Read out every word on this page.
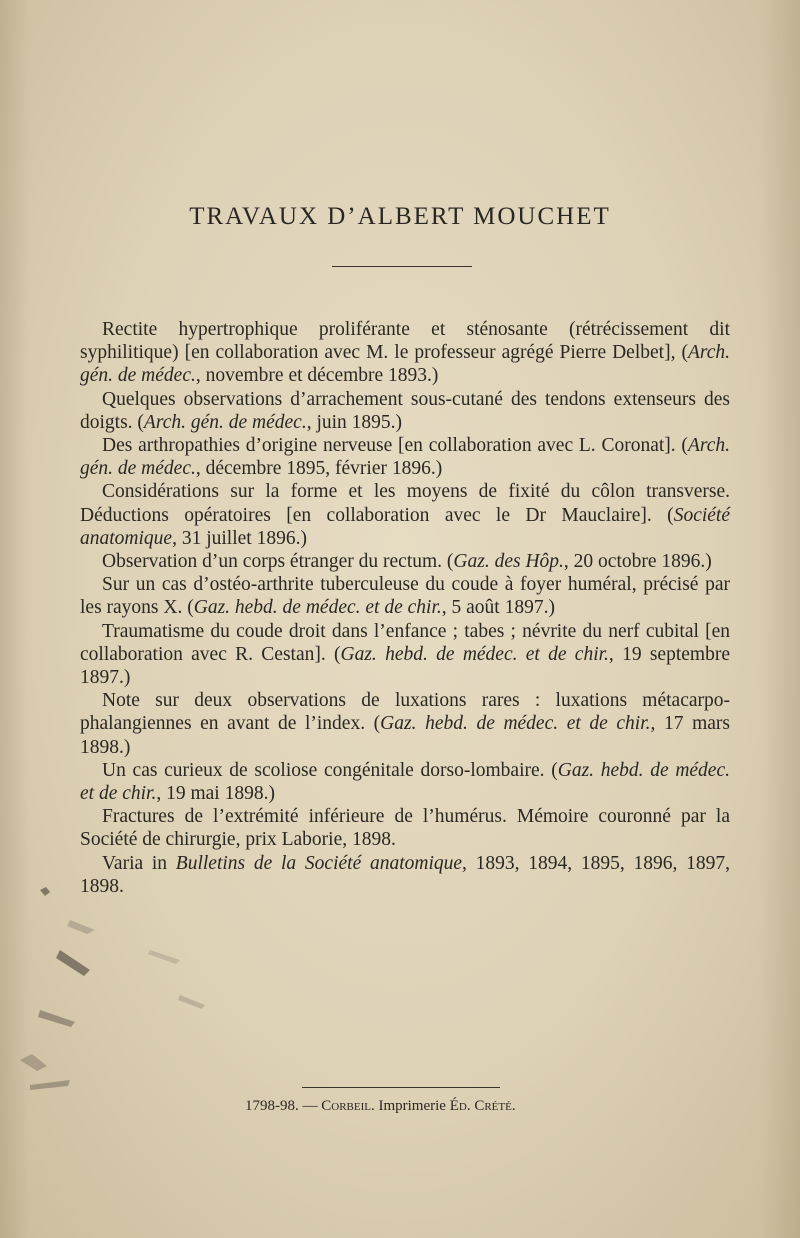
TRAVAUX D’ALBERT MOUCHET

Rectite hypertrophique proliférante et sténosante (rétrécissement dit syphilitique) [en collaboration avec M. le professeur agrégé Pierre Delbet], (Arch. gén. de médec., novembre et décembre 1893.)

Quelques observations d’arrachement sous-cutané des tendons extenseurs des doigts. (Arch. gén. de médec., juin 1895.)

Des arthropathies d’origine nerveuse [en collaboration avec L. Coronat]. (Arch. gén. de médec., décembre 1895, février 1896.)

Considérations sur la forme et les moyens de fixité du côlon transverse. Déductions opératoires [en collaboration avec le Dr Mauclaire]. (Société anatomique, 31 juillet 1896.)

Observation d’un corps étranger du rectum. (Gaz. des Hôp., 20 octobre 1896.)

Sur un cas d’ostéo-arthrite tuberculeuse du coude à foyer huméral, précisé par les rayons X. (Gaz. hebd. de médec. et de chir., 5 août 1897.)

Traumatisme du coude droit dans l’enfance ; tabes ; névrite du nerf cubital [en collaboration avec R. Cestan]. (Gaz. hebd. de médec. et de chir., 19 septembre 1897.)

Note sur deux observations de luxations rares : luxations métacarpo-phalangiennes en avant de l’index. (Gaz. hebd. de médec. et de chir., 17 mars 1898.)

Un cas curieux de scoliose congénitale dorso-lombaire. (Gaz. hebd. de médec. et de chir., 19 mai 1898.)

Fractures de l’extrémité inférieure de l’humérus. Mémoire couronné par la Société de chirurgie, prix Laborie, 1898.

Varia in Bulletins de la Société anatomique, 1893, 1894, 1895, 1896, 1897, 1898.

1798-98. — Corbeil. Imprimerie Éd. Crété.
